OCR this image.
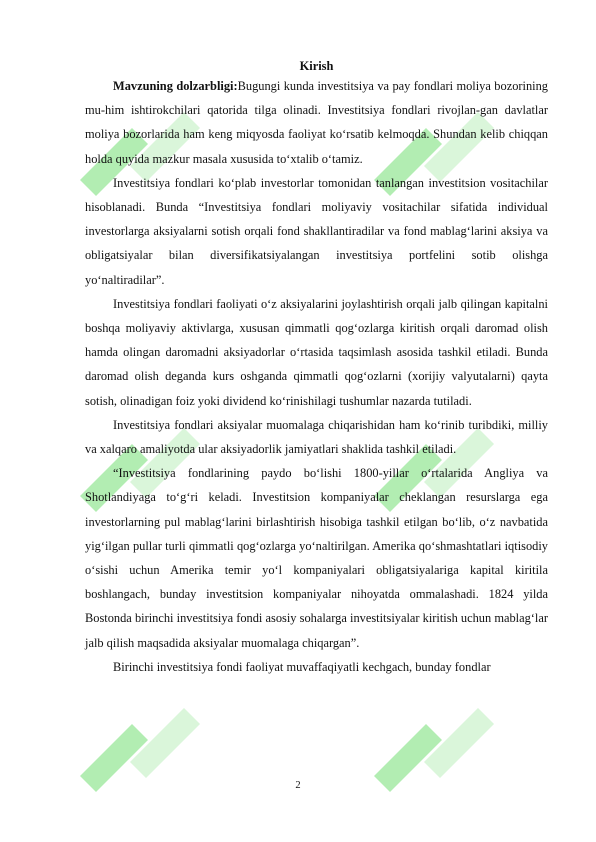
Kirish

Mavzuning dolzarbligi:Bugungi kunda investitsiya va pay fondlari moliya bozorining mu-him ishtirokchilari qatorida tilga olinadi. Investitsiya fondlari rivojlan-gan davlatlar moliya bozorlarida ham keng miqyosda faoliyat ko‘rsatib kelmoqda. Shundan kelib chiqqan holda quyida mazkur masala xususida to‘xtalib o‘tamiz.

Investitsiya fondlari ko‘plab investorlar tomonidan tanlangan investitsion vositachilar hisoblanadi. Bunda “Investitsiya fondlari moliyaviy vositachilar sifatida individual investorlarga aksiyalarni sotish orqali fond shakllantiradilar va fond mablag‘larini aksiya va obligatsiyalar bilan diversifikatsiyalangan investitsiya portfelini sotib olishga yo‘naltiradilar”.

Investitsiya fondlari faoliyati o‘z aksiyalarini joylashtirish orqali jalb qilingan kapitalni boshqa moliyaviy aktivlarga, xususan qimmatli qog‘ozlarga kiritish orqali daromad olish hamda olingan daromadni aksiyadorlar o‘rtasida taqsimlash asosida tashkil etiladi. Bunda daromad olish deganda kurs oshganda qimmatli qog‘ozlarni (xorijiy valyutalarni) qayta sotish, olinadigan foiz yoki dividend ko‘rinishilagi tushumlar nazarda tutiladi.

Investitsiya fondlari aksiyalar muomalaga chiqarishidan ham ko‘rinib turibdiki, milliy va xalqaro amaliyotda ular aksiyadorlik jamiyatlari shaklida tashkil etiladi.

“Investitsiya fondlarining paydo bo‘lishi 1800-yillar o‘rtalarida Angliya va Shotlandiyaga to‘g‘ri keladi. Investitsion kompaniyalar cheklangan resurslarga ega investorlarning pul mablag‘larini birlashtirish hisobiga tashkil etilgan bo‘lib, o‘z navbatida yig‘ilgan pullar turli qimmatli qog‘ozlarga yo‘naltirilgan. Amerika qo‘shmashtatlari iqtisodiy o‘sishi uchun Amerika temir yo‘l kompaniyalari obligatsiyalariga kapital kiritila boshlangach, bunday investitsion kompaniyalar nihoyatda ommalashadi. 1824 yilda Bostonda birinchi investitsiya fondi asosiy sohalarga investitsiyalar kiritish uchun mablag‘lar jalb qilish maqsadida aksiyalar muomalaga chiqargan”.

Birinchi investitsiya fondi faoliyat muvaffaqiyatli kechgach, bunday fondlar

2
